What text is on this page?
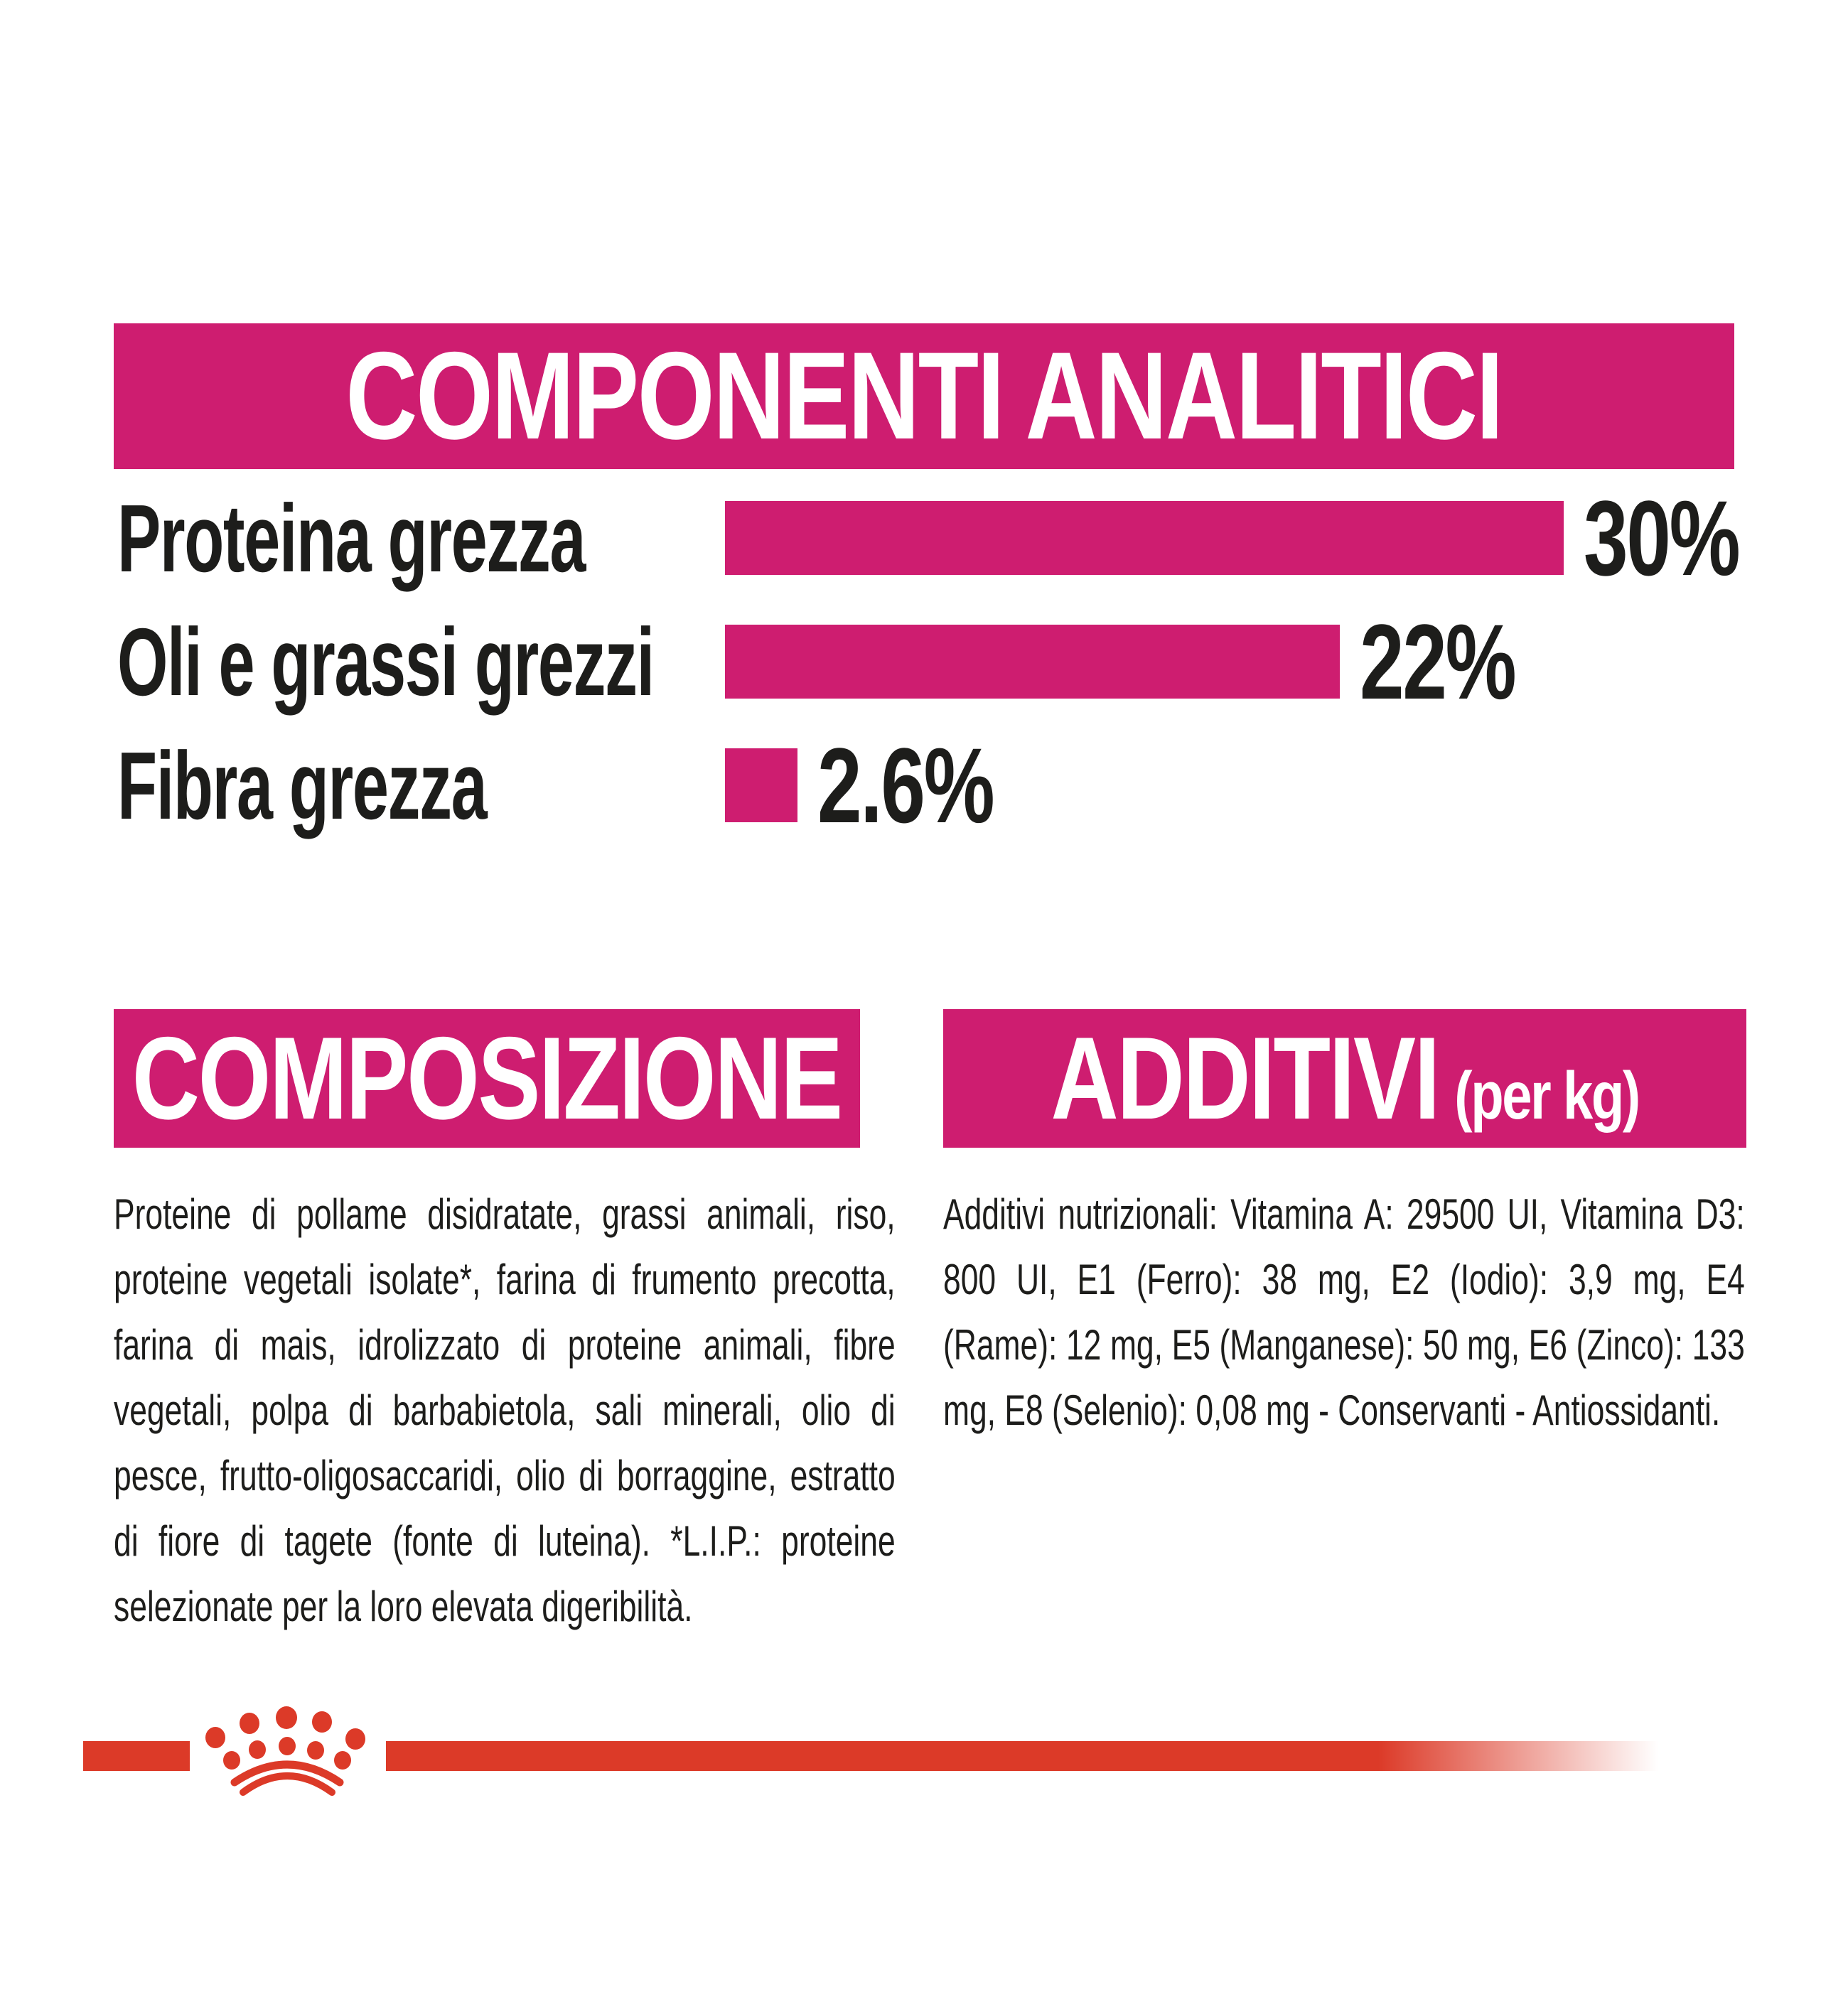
COMPONENTI ANALITICI
Proteina grezza	30%
Oli e grassi grezzi	22%
Fibra grezza	2.6%
COMPOSIZIONE

Proteine di pollame disidratate, grassi animali, riso, proteine vegetali isolate*, farina di frumento precotta, farina di mais, idrolizzato di proteine animali, fibre vegetali, polpa di barbabietola, sali minerali, olio di pesce, frutto-oligosaccaridi, olio di borraggine, estratto di fiore di tagete (fonte di luteina). *L.I.P.: proteine selezionate per la loro elevata digeribilità.

ADDITIVI (per kg)

Additivi nutrizionali: Vitamina A: 29500 UI, Vitamina D3: 800 UI, E1 (Ferro): 38 mg, E2 (Iodio): 3,9 mg, E4 (Rame): 12 mg, E5 (Manganese): 50 mg, E6 (Zinco): 133 mg, E8 (Selenio): 0,08 mg - Conservanti - Antiossidanti.
